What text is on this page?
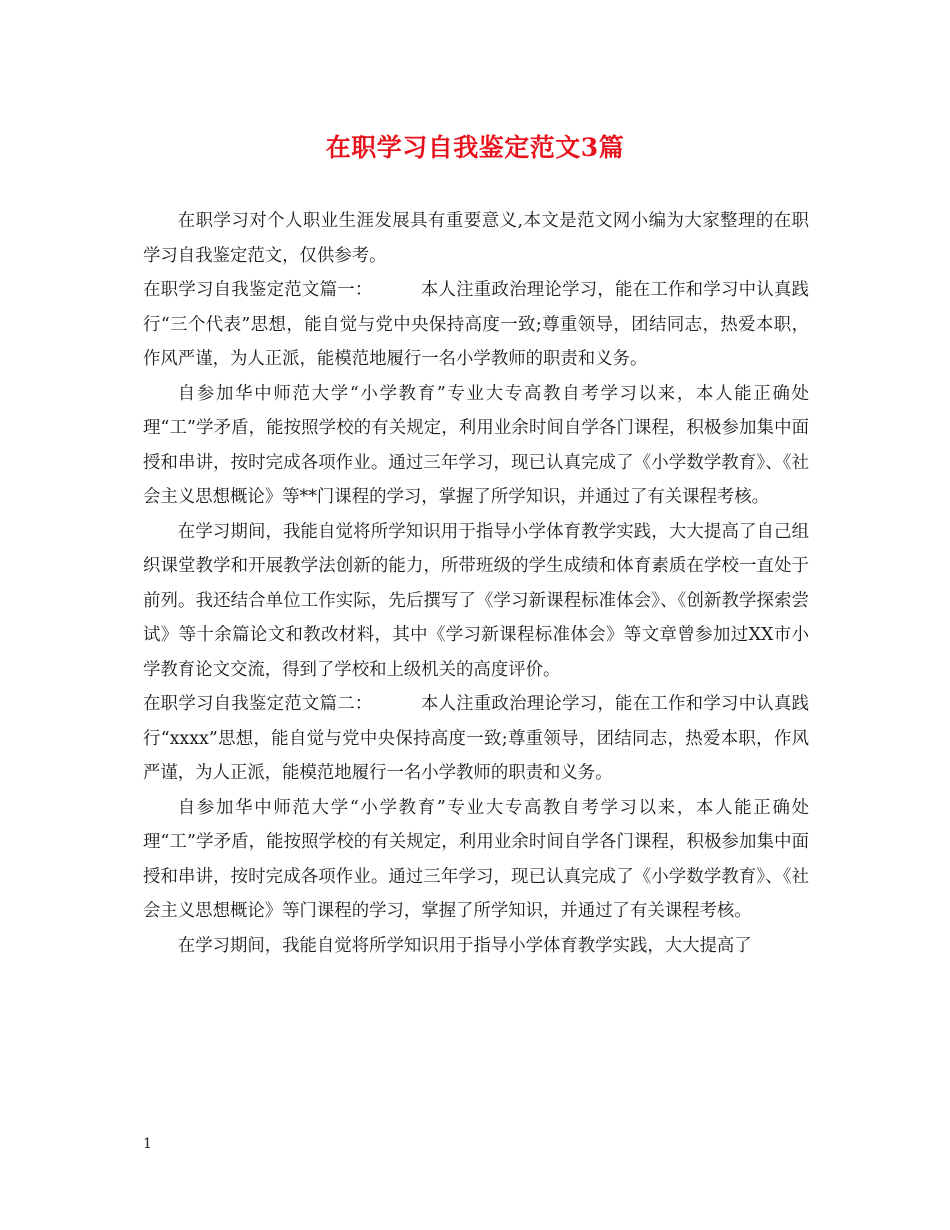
在职学习自我鉴定范文3篇

在职学习对个人职业生涯发展具有重要意义,本文是范文网小编为大家整理的在职学习自我鉴定范文，仅供参考。

在职学习自我鉴定范文篇一：	本人注重政治理论学习，能在工作和学习中认真践行“三个代表”思想，能自觉与党中央保持高度一致;尊重领导，团结同志，热爱本职，作风严谨，为人正派，能模范地履行一名小学教师的职责和义务。

自参加华中师范大学“小学教育”专业大专高教自考学习以来，本人能正确处理“工”学矛盾，能按照学校的有关规定，利用业余时间自学各门课程，积极参加集中面授和串讲，按时完成各项作业。通过三年学习，现已认真完成了《小学数学教育》、《社会主义思想概论》等**门课程的学习，掌握了所学知识，并通过了有关课程考核。

在学习期间，我能自觉将所学知识用于指导小学体育教学实践，大大提高了自己组织课堂教学和开展教学法创新的能力，所带班级的学生成绩和体育素质在学校一直处于前列。我还结合单位工作实际，先后撰写了《学习新课程标准体会》、《创新教学探索尝试》等十余篇论文和教改材料，其中《学习新课程标准体会》等文章曾参加过XX市小学教育论文交流，得到了学校和上级机关的高度评价。

在职学习自我鉴定范文篇二：	本人注重政治理论学习，能在工作和学习中认真践行“xxxx”思想，能自觉与党中央保持高度一致;尊重领导，团结同志，热爱本职，作风严谨，为人正派，能模范地履行一名小学教师的职责和义务。

自参加华中师范大学“小学教育”专业大专高教自考学习以来，本人能正确处理“工”学矛盾，能按照学校的有关规定，利用业余时间自学各门课程，积极参加集中面授和串讲，按时完成各项作业。通过三年学习，现已认真完成了《小学数学教育》、《社会主义思想概论》等门课程的学习，掌握了所学知识，并通过了有关课程考核。

在学习期间，我能自觉将所学知识用于指导小学体育教学实践，大大提高了

1
